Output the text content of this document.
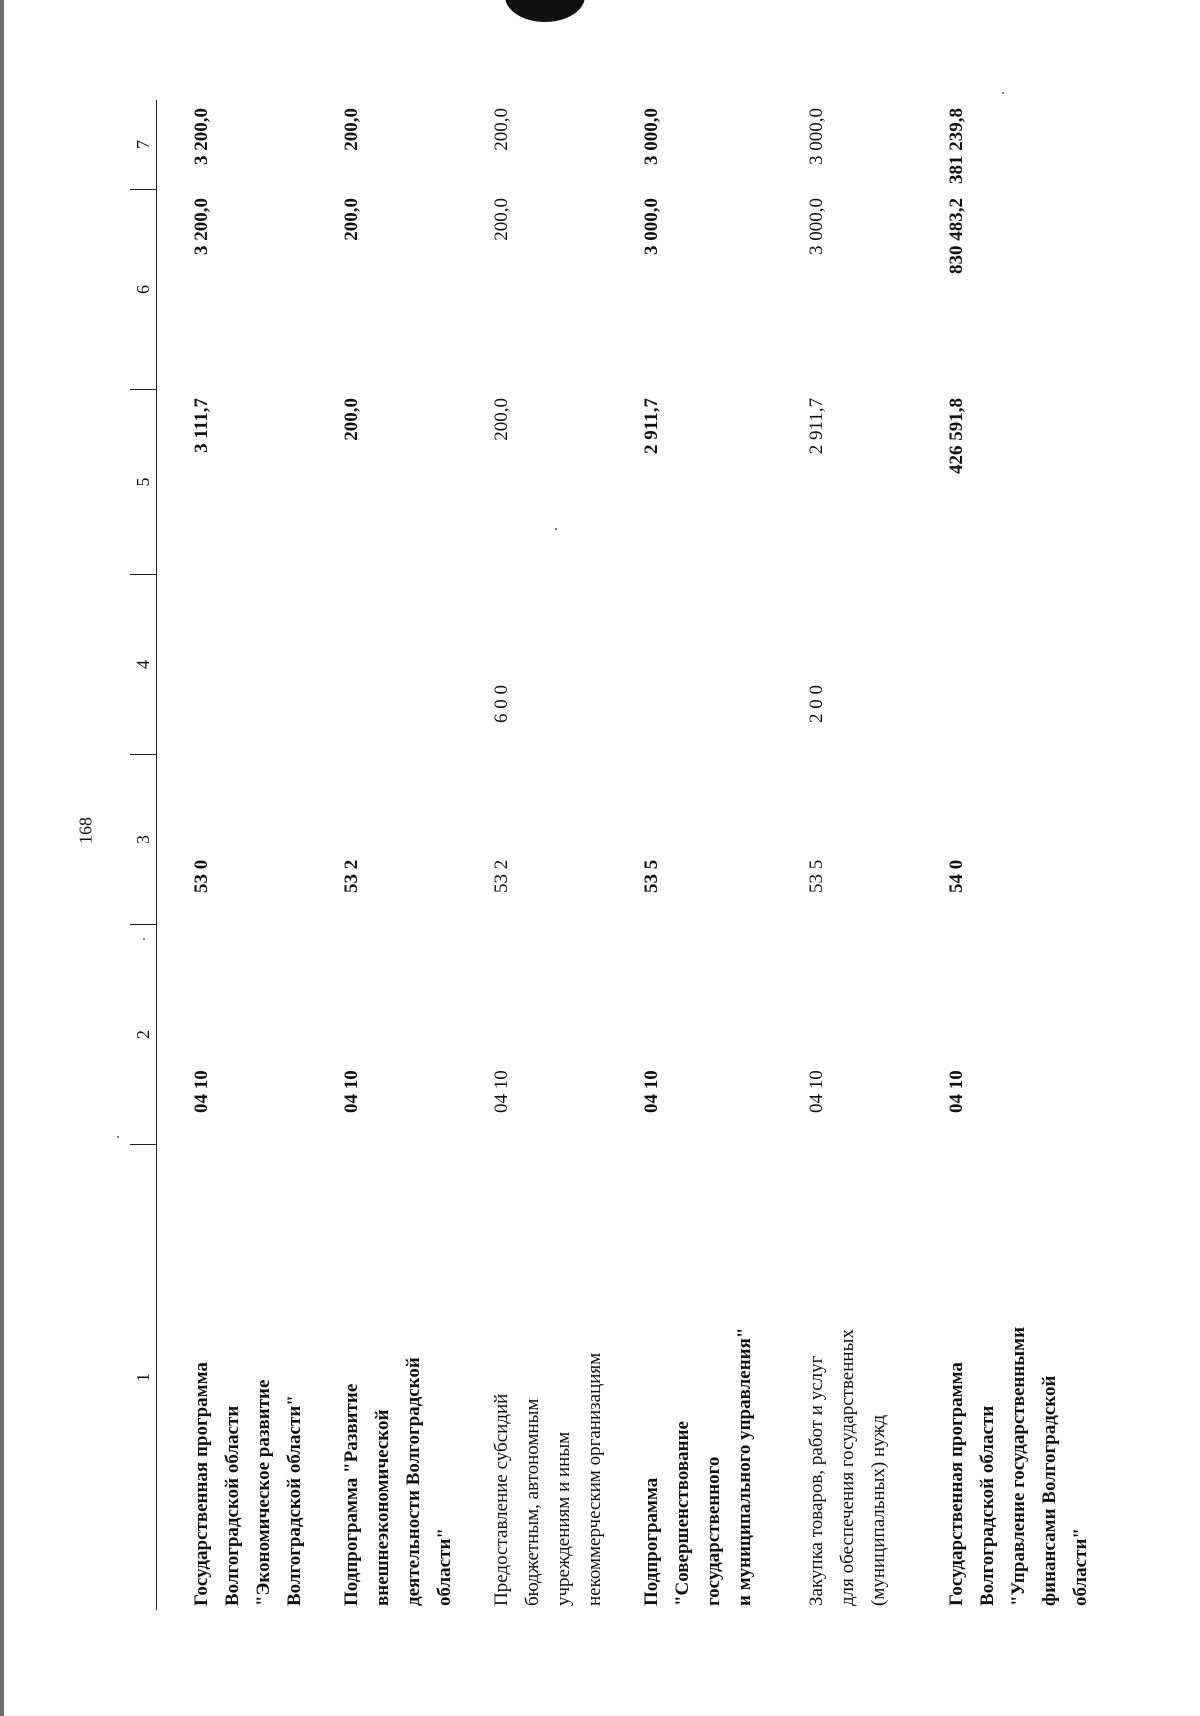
168
1
2
3
4
5
6
7
Государственная программа Волгоградской области "Экономическое развитие Волгоградской области"
04 10
53 0
3 111,7
3 200,0
3 200,0
Подпрограмма "Развитие внешнеэкономической деятельности Волгоградской области"
04 10
53 2
200,0
200,0
200,0
Предоставление субсидий бюджетным, автономным учреждениям и иным некоммерческим организациям
04 10
53 2
6 0 0
200,0
200,0
200,0
Подпрограмма "Совершенствование государственного и муниципального управления"
04 10
53 5
2 911,7
3 000,0
3 000,0
Закупка товаров, работ и услуг для обеспечения государственных (муниципальных) нужд
04 10
53 5
2 0 0
2 911,7
3 000,0
3 000,0
Государственная программа Волгоградской области "Управление государственными финансами Волгоградской области"
04 10
54 0
426 591,8
830 483,2
381 239,8
